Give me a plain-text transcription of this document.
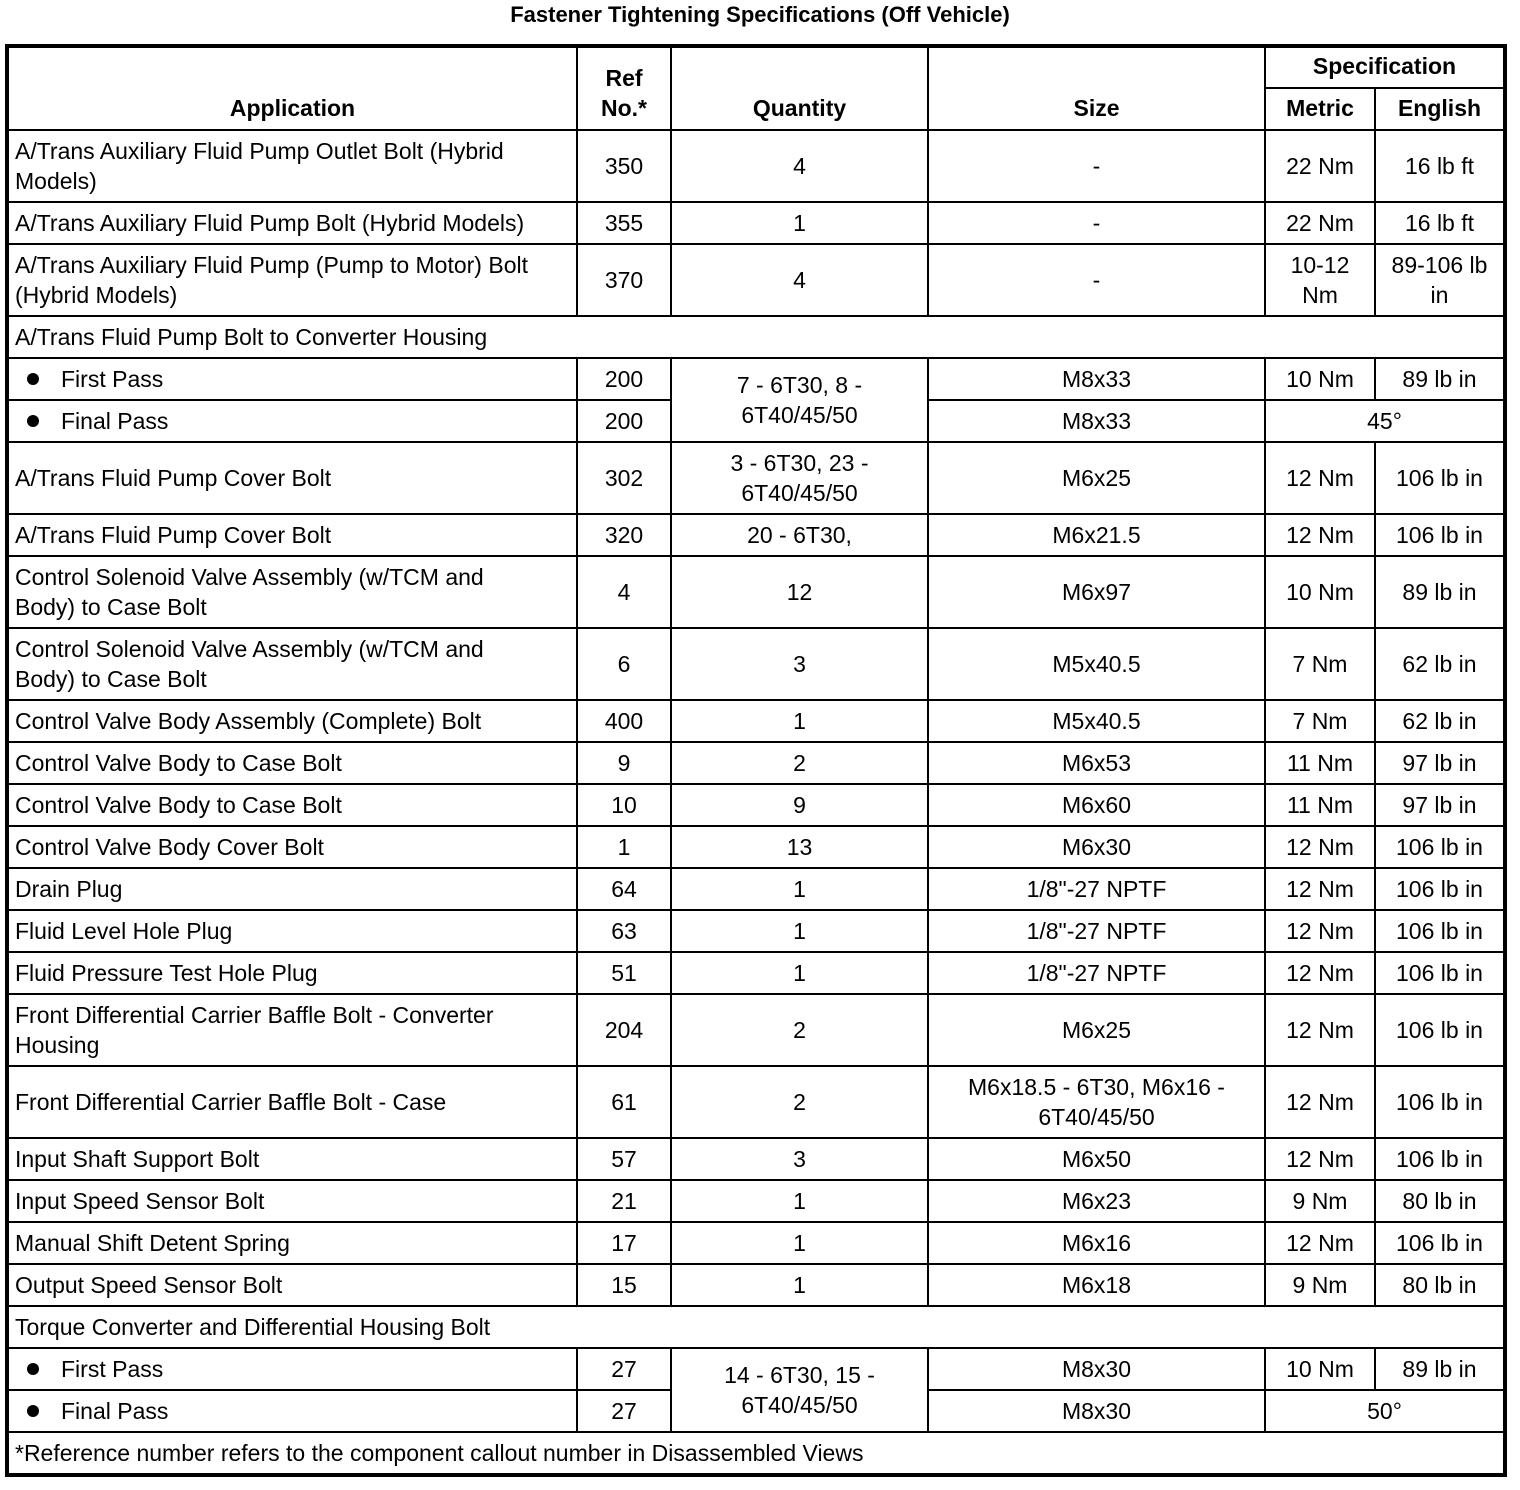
Fastener Tightening Specifications (Off Vehicle)
Application	Ref No.*	Quantity	Size	Specification	
				Metric	English
A/Trans Auxiliary Fluid Pump Outlet Bolt (Hybrid Models)	350	4	-	22 Nm	16 lb ft
A/Trans Auxiliary Fluid Pump Bolt (Hybrid Models)	355	1	-	22 Nm	16 lb ft
A/Trans Auxiliary Fluid Pump (Pump to Motor) Bolt (Hybrid Models)	370	4	-	10-12 Nm	89-106 lb in
A/Trans Fluid Pump Bolt to Converter Housing					
First Pass	200	7 - 6T30, 8 - 6T40/45/50	M8x33	10 Nm	89 lb in
Final Pass	200		M8x33	45°	
A/Trans Fluid Pump Cover Bolt	302	3 - 6T30, 23 - 6T40/45/50	M6x25	12 Nm	106 lb in
A/Trans Fluid Pump Cover Bolt	320	20 - 6T30,	M6x21.5	12 Nm	106 lb in
Control Solenoid Valve Assembly (w/TCM and Body) to Case Bolt	4	12	M6x97	10 Nm	89 lb in
Control Solenoid Valve Assembly (w/TCM and Body) to Case Bolt	6	3	M5x40.5	7 Nm	62 lb in
Control Valve Body Assembly (Complete) Bolt	400	1	M5x40.5	7 Nm	62 lb in
Control Valve Body to Case Bolt	9	2	M6x53	11 Nm	97 lb in
Control Valve Body to Case Bolt	10	9	M6x60	11 Nm	97 lb in
Control Valve Body Cover Bolt	1	13	M6x30	12 Nm	106 lb in
Drain Plug	64	1	1/8"-27 NPTF	12 Nm	106 lb in
Fluid Level Hole Plug	63	1	1/8"-27 NPTF	12 Nm	106 lb in
Fluid Pressure Test Hole Plug	51	1	1/8"-27 NPTF	12 Nm	106 lb in
Front Differential Carrier Baffle Bolt - Converter Housing	204	2	M6x25	12 Nm	106 lb in
Front Differential Carrier Baffle Bolt - Case	61	2	M6x18.5 - 6T30, M6x16 - 6T40/45/50	12 Nm	106 lb in
Input Shaft Support Bolt	57	3	M6x50	12 Nm	106 lb in
Input Speed Sensor Bolt	21	1	M6x23	9 Nm	80 lb in
Manual Shift Detent Spring	17	1	M6x16	12 Nm	106 lb in
Output Speed Sensor Bolt	15	1	M6x18	9 Nm	80 lb in
Torque Converter and Differential Housing Bolt					
First Pass	27	14 - 6T30, 15 - 6T40/45/50	M8x30	10 Nm	89 lb in
Final Pass	27		M8x30	50°	
*Reference number refers to the component callout number in Disassembled Views					
